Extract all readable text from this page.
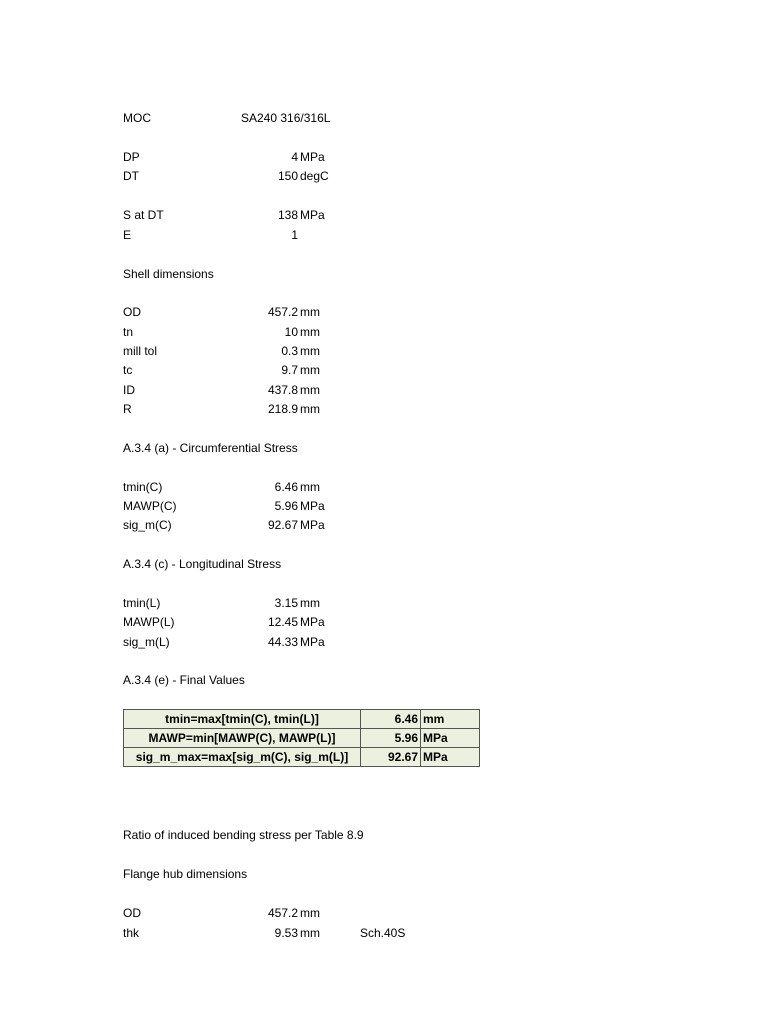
MOC	SA240 316/316L
DP	4 MPa
DT	150 degC
S at DT	138 MPa
E	1
Shell dimensions
OD	457.2 mm
tn	10 mm
mill tol	0.3 mm
tc	9.7 mm
ID	437.8 mm
R	218.9 mm
A.3.4 (a) - Circumferential Stress
tmin(C)	6.46 mm
MAWP(C)	5.96 MPa
sig_m(C)	92.67 MPa
A.3.4 (c) - Longitudinal Stress
tmin(L)	3.15 mm
MAWP(L)	12.45 MPa
sig_m(L)	44.33 MPa
A.3.4 (e) - Final Values
tmin=max[tmin(C), tmin(L)]	6.46	mm
MAWP=min[MAWP(C), MAWP(L)]	5.96	MPa
sig_m_max=max[sig_m(C), sig_m(L)]	92.67	MPa
Ratio of induced bending stress per Table 8.9
Flange hub dimensions
OD	457.2 mm
thk	9.53 mm	Sch.40S
